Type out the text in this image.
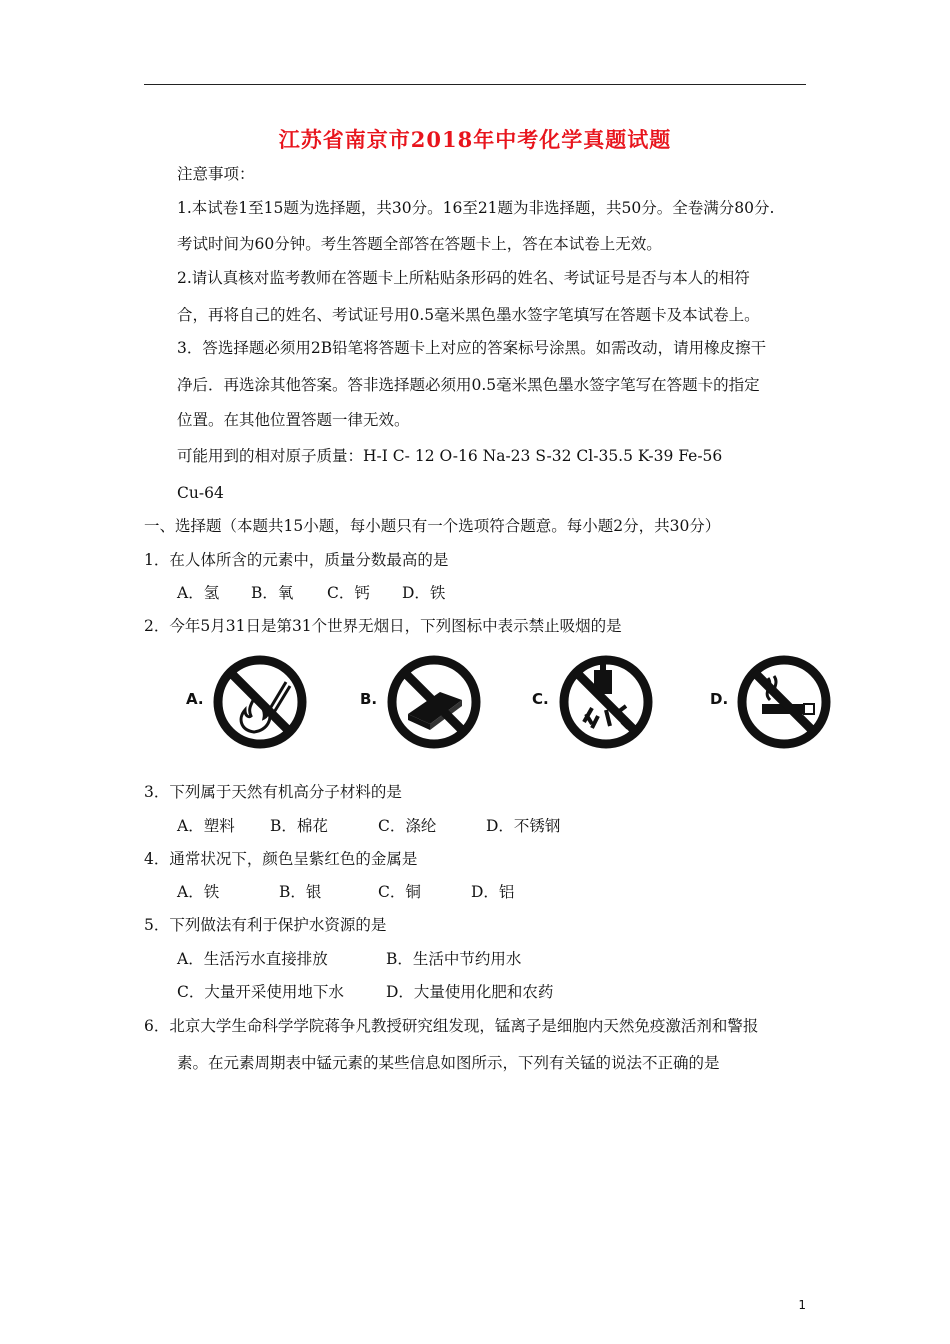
江苏省南京市2018年中考化学真题试题
注意事项：
1.本试卷1至15题为选择题，共30分。16至21题为非选择题，共50分。全卷满分80分.
考试时间为60分钟。考生答题全部答在答题卡上，答在本试卷上无效。
2.请认真核对监考教师在答题卡上所粘贴条形码的姓名、考试证号是否与本人的相符
合，再将自己的姓名、考试证号用0.5毫米黑色墨水签字笔填写在答题卡及本试卷上。
3．答选择题必须用2B铅笔将答题卡上对应的答案标号涂黑。如需改动，请用橡皮擦干
净后．再选涂其他答案。答非选择题必须用0.5毫米黑色墨水签字笔写在答题卡的指定
位置。在其他位置答题一律无效。
可能用到的相对原子质量：H-I C- 12 O-16 Na-23 S-32 Cl-35.5 K-39 Fe-56
Cu-64
一、选择题（本题共15小题，每小题只有一个选项符合题意。每小题2分，共30分）
1．在人体所含的元素中，质量分数最高的是
A．氢 B．氧 C．钙 D．铁
2．今年5月31日是第31个世界无烟日，下列图标中表示禁止吸烟的是
A.	B.	C.	D.
3．下列属于天然有机高分子材料的是
A．塑料 B．棉花	C．涤纶	D．不锈钢
4．通常状况下，颜色呈紫红色的金属是
A．铁	B．银	C．铜	D．铝
5．下列做法有利于保护水资源的是
A．生活污水直接排放	B．生活中节约用水
C．大量开采使用地下水	D．大量使用化肥和农药
6．北京大学生命科学学院蒋争凡教授研究组发现，锰离子是细胞内天然免疫激活剂和警报
素。在元素周期表中锰元素的某些信息如图所示，下列有关锰的说法不正确的是
1
